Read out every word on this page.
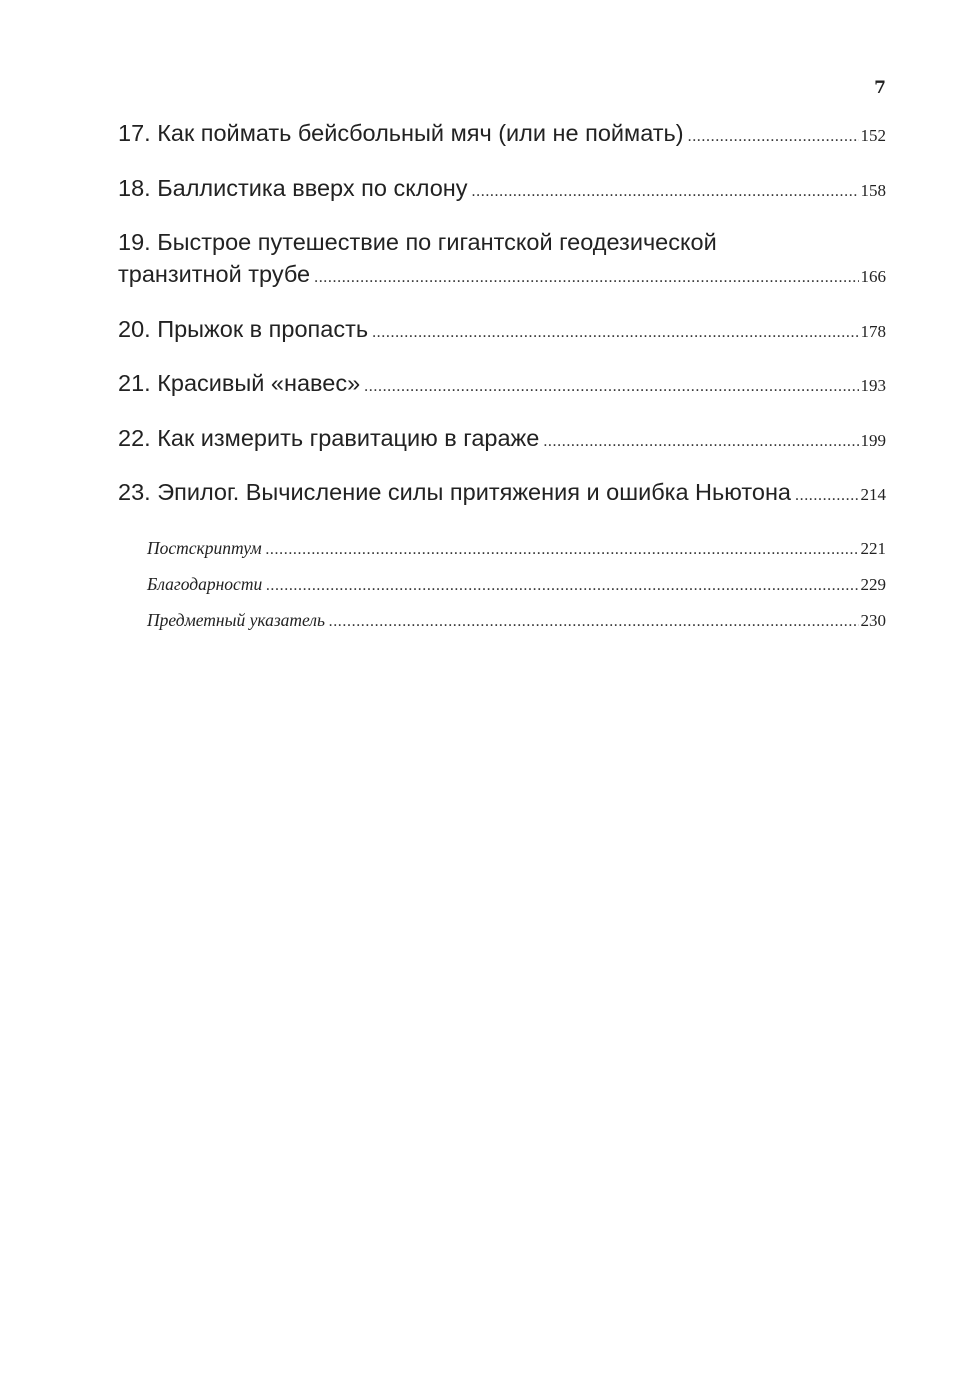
7
17. Как поймать бейсбольный мяч (или не поймать) .....	152
18. Баллистика вверх по склону .....	158
19. Быстрое путешествие по гигантской геодезической
транзитной трубе .....	166
20. Прыжок в пропасть .....	178
21. Красивый «навес» .....	193
22. Как измерить гравитацию в гараже .....	199
23. Эпилог. Вычисление силы притяжения и ошибка Ньютона .....	214
Постскриптум .....	221
Благодарности .....	229
Предметный указатель .....	230
